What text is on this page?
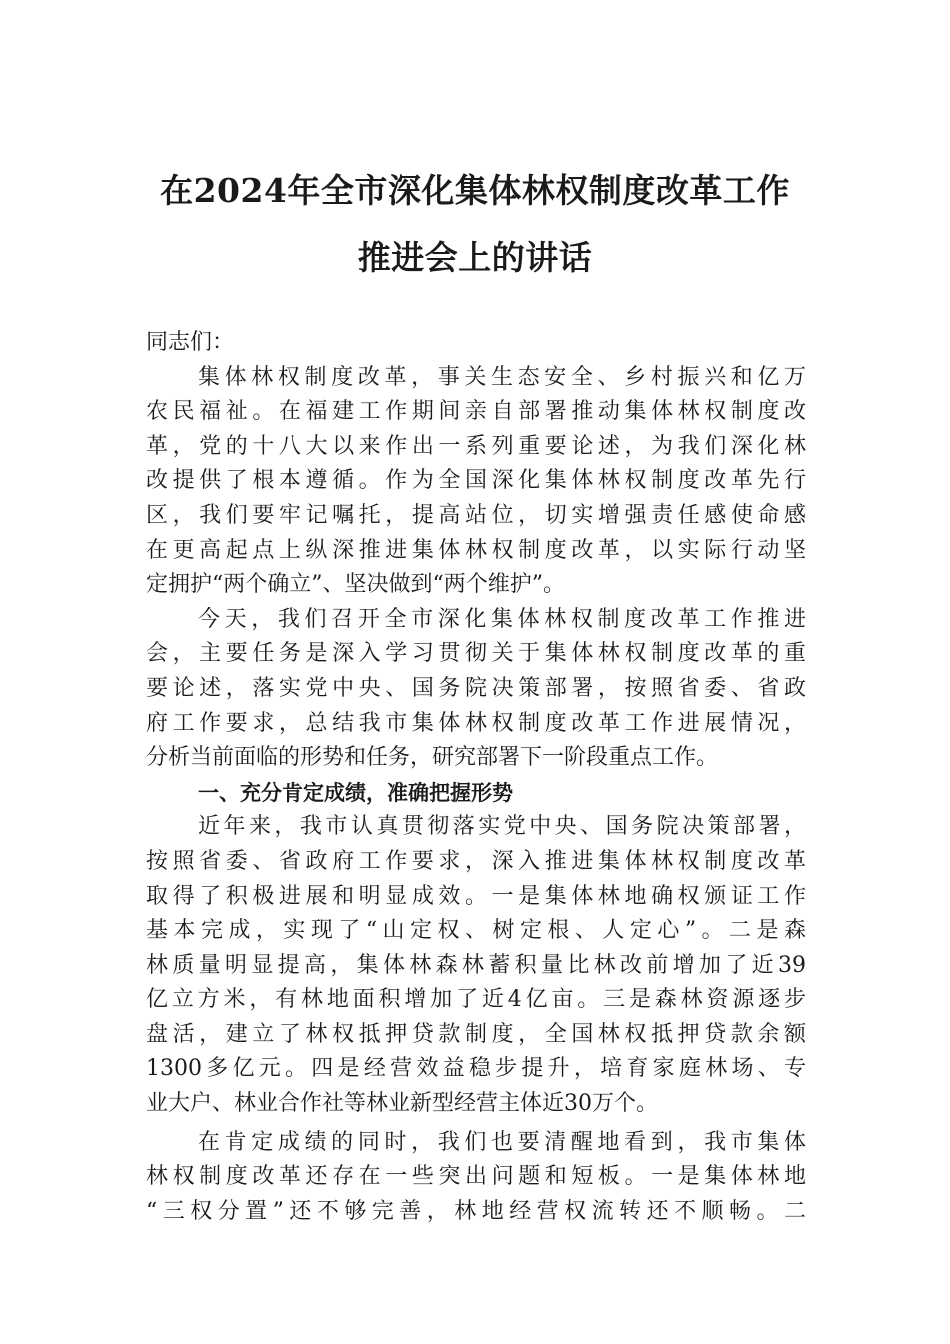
在2024年全市深化集体林权制度改革工作
推进会上的讲话
同志们：
集体林权制度改革，事关生态安全、乡村振兴和亿万
农民福祉。在福建工作期间亲自部署推动集体林权制度改
革，党的十八大以来作出一系列重要论述，为我们深化林
改提供了根本遵循。作为全国深化集体林权制度改革先行
区，我们要牢记嘱托，提高站位，切实增强责任感使命感
在更高起点上纵深推进集体林权制度改革，以实际行动坚
定拥护“两个确立”、坚决做到“两个维护”。
今天，我们召开全市深化集体林权制度改革工作推进
会，主要任务是深入学习贯彻关于集体林权制度改革的重
要论述，落实党中央、国务院决策部署，按照省委、省政
府工作要求，总结我市集体林权制度改革工作进展情况，
分析当前面临的形势和任务，研究部署下一阶段重点工作。
一、充分肯定成绩，准确把握形势
近年来，我市认真贯彻落实党中央、国务院决策部署，
按照省委、省政府工作要求，深入推进集体林权制度改革
取得了积极进展和明显成效。一是集体林地确权颁证工作
基本完成，实现了“山定权、树定根、人定心”。二是森
林质量明显提高，集体林森林蓄积量比林改前增加了近39
亿立方米，有林地面积增加了近4亿亩。三是森林资源逐步
盘活，建立了林权抵押贷款制度，全国林权抵押贷款余额
1300多亿元。四是经营效益稳步提升，培育家庭林场、专
业大户、林业合作社等林业新型经营主体近30万个。
在肯定成绩的同时，我们也要清醒地看到，我市集体
林权制度改革还存在一些突出问题和短板。一是集体林地
“三权分置”还不够完善，林地经营权流转还不顺畅。二
